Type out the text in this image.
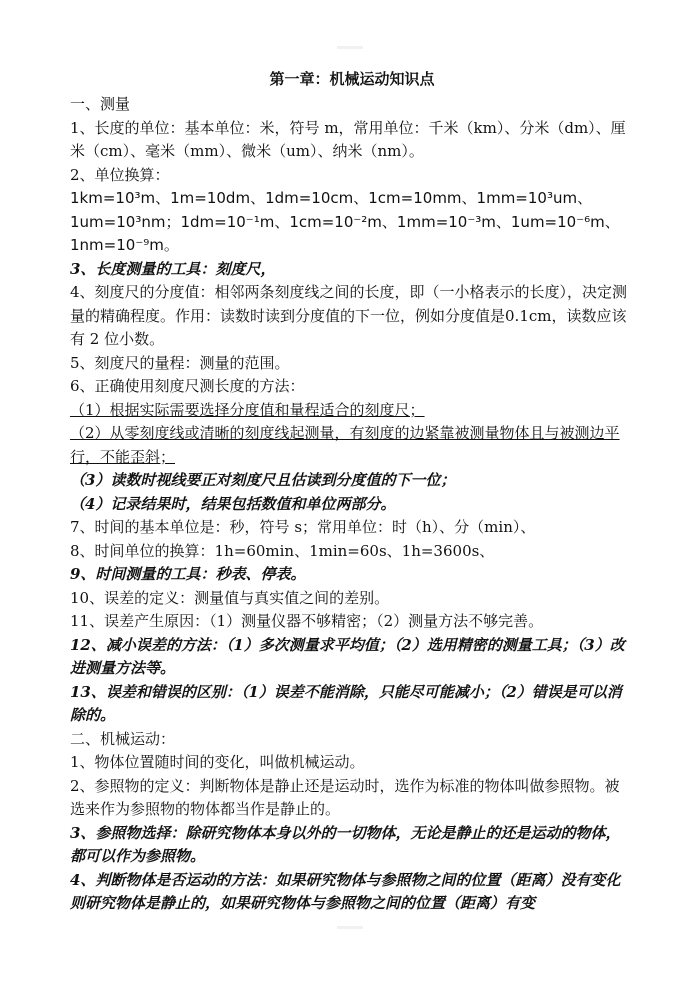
第一章：机械运动知识点
一、测量
1、长度的单位：基本单位：米，符号 m，常用单位：千米（km）、分米（dm）、厘米（cm）、毫米（mm）、微米（um）、纳米（nm）。
2、单位换算：
1km=10³m、1m=10dm、1dm=10cm、1cm=10mm、1mm=10³um、1um=10³nm；1dm=10⁻¹m、1cm=10⁻²m、1mm=10⁻³m、1um=10⁻⁶m、1nm=10⁻⁹m。
3、长度测量的工具：刻度尺，
4、刻度尺的分度值：相邻两条刻度线之间的长度，即（一小格表示的长度），决定测量的精确程度。作用：读数时读到分度值的下一位，例如分度值是0.1cm，读数应该有 2 位小数。
5、刻度尺的量程：测量的范围。
6、正确使用刻度尺测长度的方法：
（1）根据实际需要选择分度值和量程适合的刻度尺；
（2）从零刻度线或清晰的刻度线起测量，有刻度的边紧靠被测量物体且与被测边平行，不能歪斜；
（3）读数时视线要正对刻度尺且估读到分度值的下一位；
（4）记录结果时，结果包括数值和单位两部分。
7、时间的基本单位是：秒，符号 s；常用单位：时（h）、分（min）、
8、时间单位的换算：1h=60min、1min=60s、1h=3600s、
9、时间测量的工具：秒表、停表。
10、误差的定义：测量值与真实值之间的差别。
11、误差产生原因：（1）测量仪器不够精密；（2）测量方法不够完善。
12、减小误差的方法：（1）多次测量求平均值；（2）选用精密的测量工具；（3）改进测量方法等。
13、误差和错误的区别：（1）误差不能消除，只能尽可能减小；（2）错误是可以消除的。
二、机械运动：
1、物体位置随时间的变化，叫做机械运动。
2、参照物的定义：判断物体是静止还是运动时，选作为标准的物体叫做参照物。被选来作为参照物的物体都当作是静止的。
3、参照物选择：除研究物体本身以外的一切物体，无论是静止的还是运动的物体，都可以作为参照物。
4、判断物体是否运动的方法：如果研究物体与参照物之间的位置（距离）没有变化则研究物体是静止的，如果研究物体与参照物之间的位置（距离）有变
